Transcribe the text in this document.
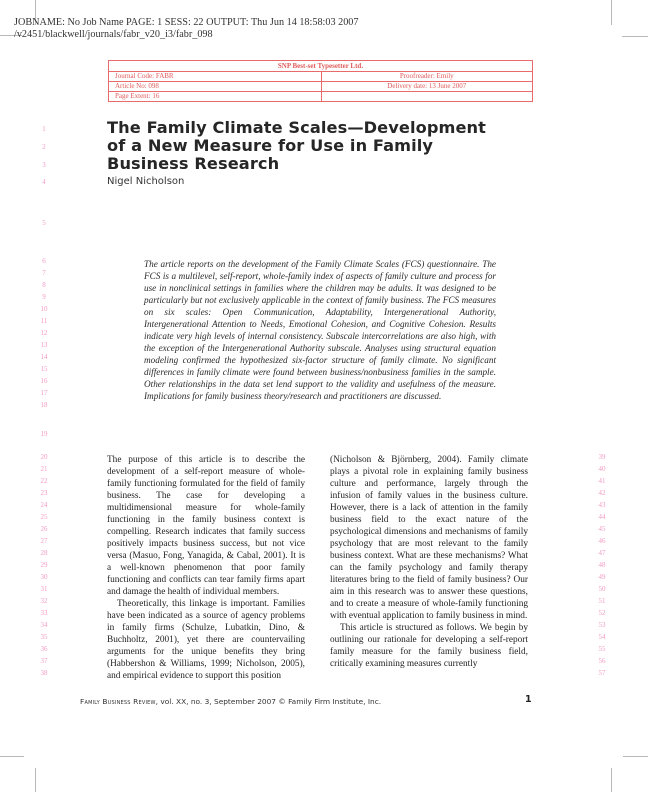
JOBNAME: No Job Name PAGE: 1 SESS: 22 OUTPUT: Thu Jun 14 18:58:03 2007
/v2451/blackwell/journals/fabr_v20_i3/fabr_098
SNP Best-set Typesetter Ltd.
Journal Code: FABR	Proofreader: Emily
Article No: 098	Delivery date: 13 June 2007
Page Extent: 16
1
2
3
4
5
6
7
8
9
10
11
12
13
14
15
16
17
18
19
20
21
22
23
24
25
26
27
28
29
30
31
32
33
34
35
36
37
38
39
40
41
42
43
44
45
46
47
48
49
50
51
52
53
54
55
56
57
The Family Climate Scales—Development
of a New Measure for Use in Family
Business Research
Nigel Nicholson
The article reports on the development of the Family Climate Scales (FCS) questionnaire. The FCS is a multilevel, self-report, whole-family index of aspects of family culture and process for use in nonclinical settings in families where the children may be adults. It was designed to be particularly but not exclusively applicable in the context of family business. The FCS measures on six scales: Open Communication, Adaptability, Intergenerational Authority, Intergenerational Attention to Needs, Emotional Cohesion, and Cognitive Cohesion. Results indicate very high levels of internal consistency. Subscale intercorrelations are also high, with the exception of the Intergenerational Authority subscale. Analyses using structural equation modeling confirmed the hypothesized six-factor structure of family climate. No significant differences in family climate were found between business/nonbusiness families in the sample. Other relationships in the data set lend support to the validity and usefulness of the measure. Implications for family business theory/research and practitioners are discussed.

The purpose of this article is to describe the development of a self-report measure of whole-family functioning formulated for the field of family business. The case for developing a multidimensional measure for whole-family functioning in the family business context is compelling. Research indicates that family success positively impacts business success, but not vice versa (Masuo, Fong, Yanagida, & Cabal, 2001). It is a well-known phenomenon that poor family functioning and conflicts can tear family firms apart and damage the health of individual members.

Theoretically, this linkage is important. Families have been indicated as a source of agency problems in family firms (Schulze, Lubatkin, Dino, & Buchholtz, 2001), yet there are countervailing arguments for the unique benefits they bring (Habbershon & Williams, 1999; Nicholson, 2005), and empirical evidence to support this position

(Nicholson & Björnberg, 2004). Family climate plays a pivotal role in explaining family business culture and performance, largely through the infusion of family values in the business culture. However, there is a lack of attention in the family business field to the exact nature of the psychological dimensions and mechanisms of family psychology that are most relevant to the family business context. What are these mechanisms? What can the family psychology and family therapy literatures bring to the field of family business? Our aim in this research was to answer these questions, and to create a measure of whole-family functioning with eventual application to family business in mind.

This article is structured as follows. We begin by outlining our rationale for developing a self-report family measure for the family business field, critically examining measures currently

Family Business Review, vol. XX, no. 3, September 2007 © Family Firm Institute, Inc.	1
